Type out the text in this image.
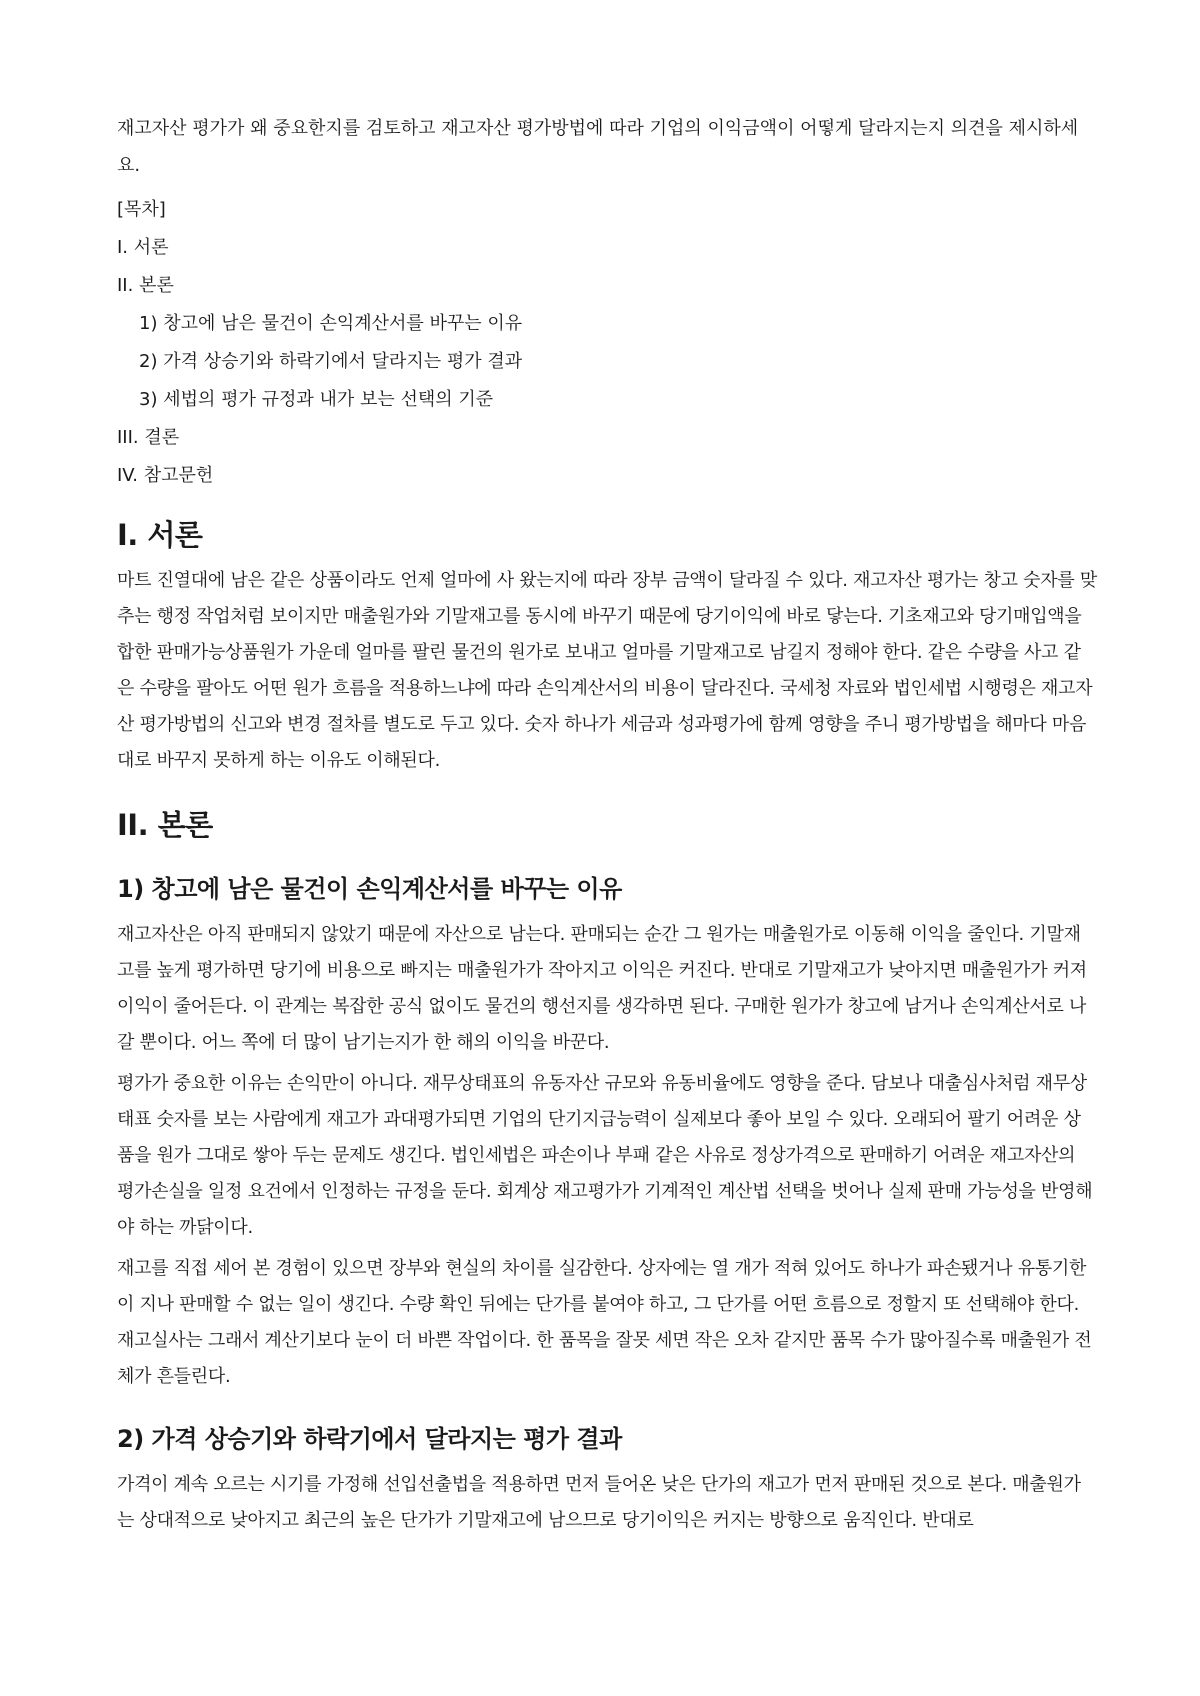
재고자산 평가가 왜 중요한지를 검토하고 재고자산 평가방법에 따라 기업의 이익금액이 어떻게 달라지는지 의견을 제시하세요.

[목차]

I. 서론

II. 본론

1) 창고에 남은 물건이 손익계산서를 바꾸는 이유

2) 가격 상승기와 하락기에서 달라지는 평가 결과

3) 세법의 평가 규정과 내가 보는 선택의 기준

III. 결론

IV. 참고문헌

I. 서론

마트 진열대에 남은 같은 상품이라도 언제 얼마에 사 왔는지에 따라 장부 금액이 달라질 수 있다. 재고자산 평가는 창고 숫자를 맞추는 행정 작업처럼 보이지만 매출원가와 기말재고를 동시에 바꾸기 때문에 당기이익에 바로 닿는다. 기초재고와 당기매입액을 합한 판매가능상품원가 가운데 얼마를 팔린 물건의 원가로 보내고 얼마를 기말재고로 남길지 정해야 한다. 같은 수량을 사고 같은 수량을 팔아도 어떤 원가 흐름을 적용하느냐에 따라 손익계산서의 비용이 달라진다. 국세청 자료와 법인세법 시행령은 재고자산 평가방법의 신고와 변경 절차를 별도로 두고 있다. 숫자 하나가 세금과 성과평가에 함께 영향을 주니 평가방법을 해마다 마음대로 바꾸지 못하게 하는 이유도 이해된다.

II. 본론
1) 창고에 남은 물건이 손익계산서를 바꾸는 이유

재고자산은 아직 판매되지 않았기 때문에 자산으로 남는다. 판매되는 순간 그 원가는 매출원가로 이동해 이익을 줄인다. 기말재고를 높게 평가하면 당기에 비용으로 빠지는 매출원가가 작아지고 이익은 커진다. 반대로 기말재고가 낮아지면 매출원가가 커져 이익이 줄어든다. 이 관계는 복잡한 공식 없이도 물건의 행선지를 생각하면 된다. 구매한 원가가 창고에 남거나 손익계산서로 나갈 뿐이다. 어느 쪽에 더 많이 남기는지가 한 해의 이익을 바꾼다.

평가가 중요한 이유는 손익만이 아니다. 재무상태표의 유동자산 규모와 유동비율에도 영향을 준다. 담보나 대출심사처럼 재무상태표 숫자를 보는 사람에게 재고가 과대평가되면 기업의 단기지급능력이 실제보다 좋아 보일 수 있다. 오래되어 팔기 어려운 상품을 원가 그대로 쌓아 두는 문제도 생긴다. 법인세법은 파손이나 부패 같은 사유로 정상가격으로 판매하기 어려운 재고자산의 평가손실을 일정 요건에서 인정하는 규정을 둔다. 회계상 재고평가가 기계적인 계산법 선택을 벗어나 실제 판매 가능성을 반영해야 하는 까닭이다.

재고를 직접 세어 본 경험이 있으면 장부와 현실의 차이를 실감한다. 상자에는 열 개가 적혀 있어도 하나가 파손됐거나 유통기한이 지나 판매할 수 없는 일이 생긴다. 수량 확인 뒤에는 단가를 붙여야 하고, 그 단가를 어떤 흐름으로 정할지 또 선택해야 한다. 재고실사는 그래서 계산기보다 눈이 더 바쁜 작업이다. 한 품목을 잘못 세면 작은 오차 같지만 품목 수가 많아질수록 매출원가 전체가 흔들린다.

2) 가격 상승기와 하락기에서 달라지는 평가 결과

가격이 계속 오르는 시기를 가정해 선입선출법을 적용하면 먼저 들어온 낮은 단가의 재고가 먼저 판매된 것으로 본다. 매출원가는 상대적으로 낮아지고 최근의 높은 단가가 기말재고에 남으므로 당기이익은 커지는 방향으로 움직인다. 반대로
